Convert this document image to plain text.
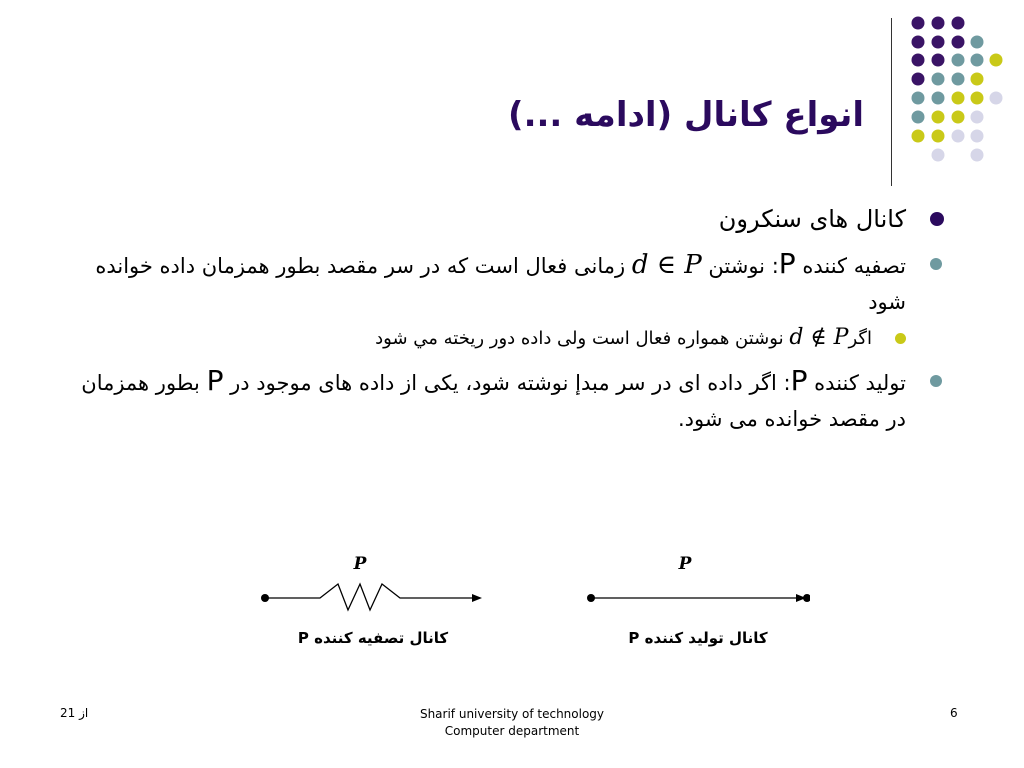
انواع کانال (ادامه ...)
کانال های سنکرون
تصفیه کننده P: نوشتن d ∈ P زمانی فعال است که در سر مقصد بطور همزمان داده خوانده شود
اگرd ∉ P نوشتن همواره فعال است ولی داده دور ریخته مي شود
تولید کننده P: اگر داده ای در سر مبدإ نوشته شود، یکی از داده های موجود در P بطور همزمان در مقصد خوانده می شود.
P
کانال تصفیه کننده P
P
کانال تولید کننده P
از 21	Sharif university of technology
Computer department
6
